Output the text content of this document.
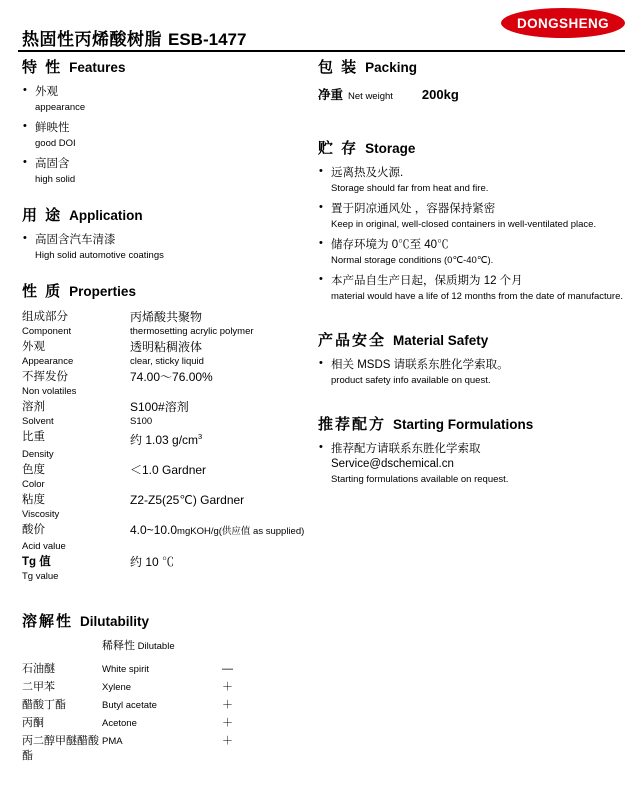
DONGSHENG
热固性丙烯酸树脂 ESB-1477
特 性 Features
• 外观
appearance
• 鲜映性
good DOI
• 高固含
high solid
用 途 Application
• 高固含汽车清漆
High solid automotive coatings
性 质 Properties
组成部分	丙烯酸共聚物
Component	thermosetting acrylic polymer
外观	透明粘稠液体
Appearance	clear, sticky liquid
不挥发份	74.00～76.00%
Non volatiles	
溶剂	S100#溶剂
Solvent	S100
比重	约 1.03 $g/cm^3$
Density	
色度	＜1.0 Gardner
Color	
粘度	Z2-Z5(25℃) Gardner
Viscosity	
酸价	4.0~10.0mgKOH/g(供应值 as supplied)
Acid value	
Tg 值	约 10 ℃
Tg value	
溶解性 Dilutability
	稀释性 Dilutable	
石油醚	White spirit	—
二甲苯	Xylene	＋
醋酸丁酯	Butyl acetate	＋
丙酮	Acetone	＋
丙二醇甲醚醋酸酯	PMA	＋
包 装 Packing
净重 Net weight 200kg
贮 存 Storage
• 远离热及火源.
Storage should far from heat and fire.
• 置于阴凉通风处 ，容器保持紧密
Keep in original, well-closed containers in well-ventilated place.
• 储存环境为 0℃至 40℃
Normal storage conditions (0℃-40℃).
• 本产品自生产日起，保质期为 12 个月
material would have a life of 12 months from the date of manufacture.
产品安全 Material Safety
• 相关 MSDS 请联系东胜化学索取。
product safety info available on quest.
推荐配方 Starting Formulations
• 推荐配方请联系东胜化学索取
Service@dschemical.cn
Starting formulations available on request.
